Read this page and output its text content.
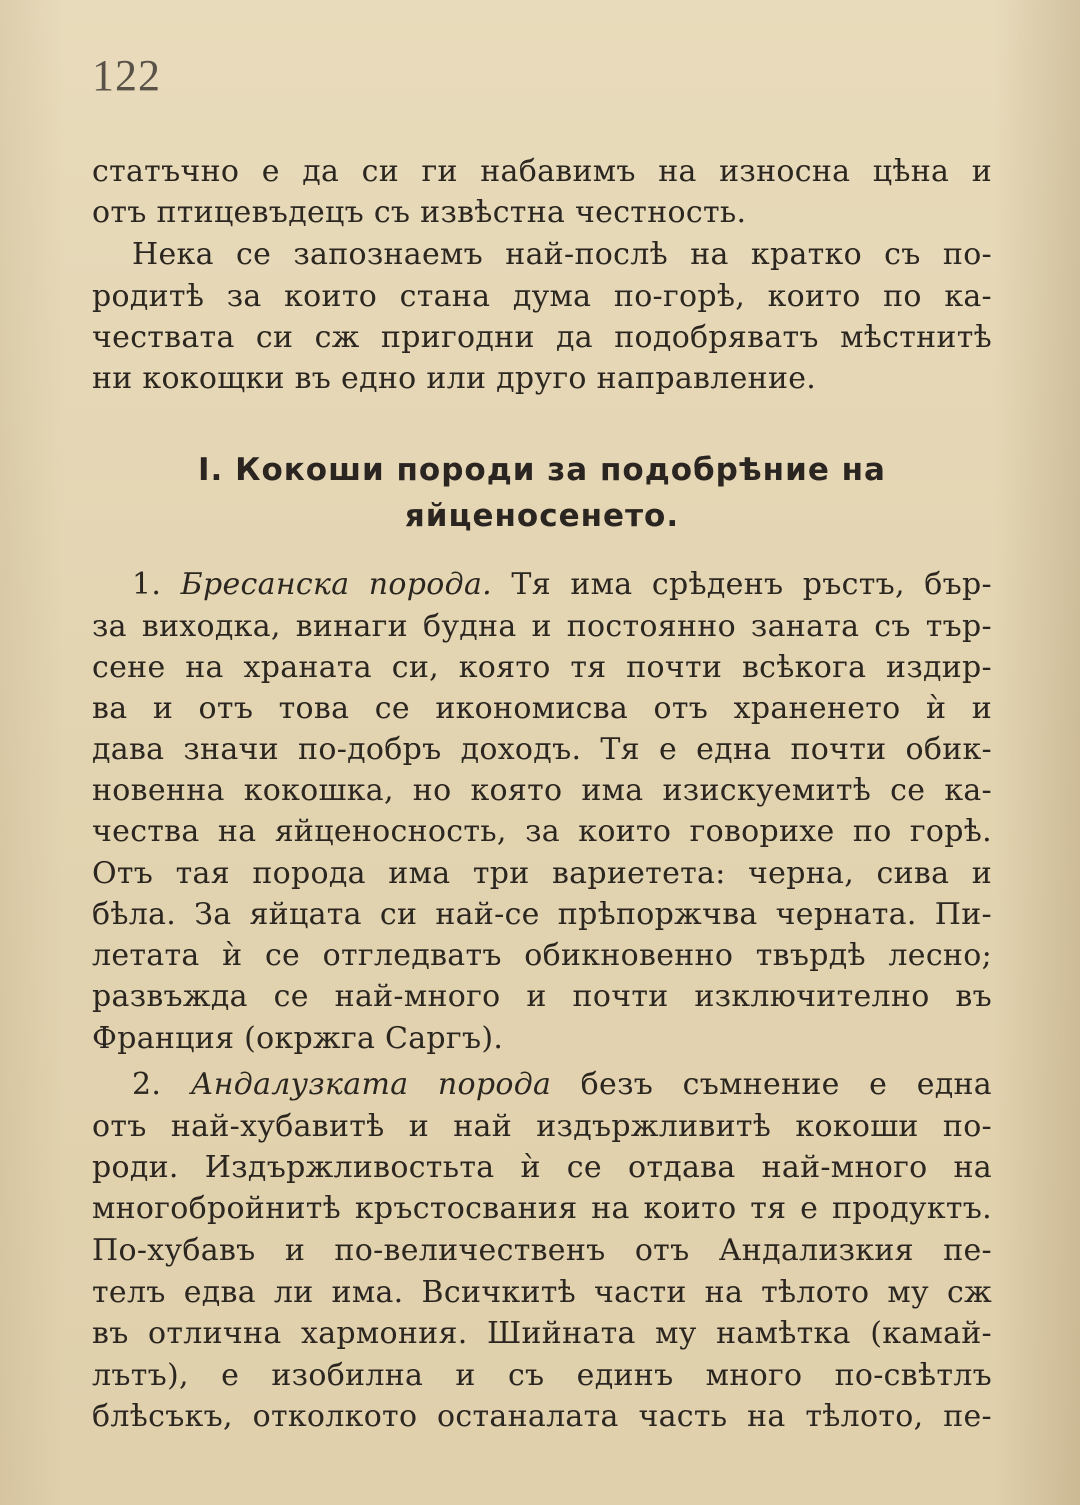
122
статъчно е да си ги набавимъ на износна цѣна и
отъ птицевъдецъ съ извѣстна честность.
Нека се запознаемъ най-послѣ на кратко съ по-
родитѣ за които стана дума по-горѣ, които по ка-
чествата си сж пригодни да подобряватъ мѣстнитѣ
ни кокощки въ едно или друго направление.
I. Кокоши породи за подобрѣние на
яйценосенето.
1. Бресанска порода. Тя има срѣденъ ръстъ, бър-
за виходка, винаги будна и постоянно заната съ тър-
сене на храната си, която тя почти всѣкога издир-
ва и отъ това се икономисва отъ храненето ѝ и
дава значи по-добръ доходъ. Тя е една почти обик-
новенна кокошка, но която има изискуемитѣ се ка-
чества на яйценосность, за които говорихе по горѣ.
Отъ тая порода има три вариетета: черна, сива и
бѣла. За яйцата си най-се прѣпоржчва черната. Пи-
летата ѝ се отгледватъ обикновенно твърдѣ лесно;
развъжда се най-много и почти изключително въ
Франция (окржга Саргъ).
2. Андалузката порода безъ съмнение е една
отъ най-хубавитѣ и най издържливитѣ кокоши по-
роди. Издържливостьта ѝ се отдава най-много на
многобройнитѣ кръстосвания на които тя е продуктъ.
По-хубавъ и по-величественъ отъ Андализкия пе-
телъ едва ли има. Всичкитѣ части на тѣлото му сж
въ отлична хармония. Шийната му намѣтка (камай-
лътъ), е изобилна и съ единъ много по-свѣтлъ
блѣсъкъ, отколкото останалата часть на тѣлото, пе-
